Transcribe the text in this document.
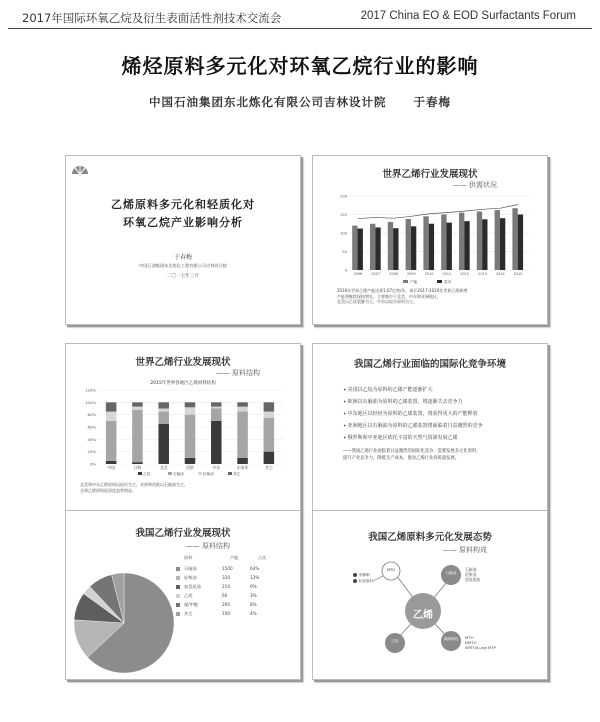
2017年国际环氧乙烷及衍生表面活性剂技术交流会	2017 China EO & EOD Surfactants Forum
烯烃原料多元化对环氧乙烷行业的影响
中国石油集团东北炼化有限公司吉林设计院 于春梅
乙烯原料多元化和轻质化对
环氧乙烷产业影响分析
于春梅
中国石油集团东北炼化工程有限公司吉林设计院
二〇一七年三月
世界乙烯行业发展现状
—— 供需状况
0
50
100
150
200
2006	2007	2008	2009	2010	2011	2012	2013	2014	2015
产能	需求
2016年世界乙烯产能达到1.67亿吨/年，预计2017-2020年世界乙烯新增
产能将继续保持增长，主要集中于北美、中东和亚洲地区，
北美以乙烷裂解为主，中东以轻烃原料为主。
世界乙烯行业发展现状
—— 原料结构
2015年世界各地区乙烯原料结构
0%
20%
40%
60%
80%
100%
120%
中国	日韩	北美	西欧	中东	东南亚	其它
乙烷	石脑油	轻柴油	其它
北美和中东乙烯原料以轻烃为主，亚洲和西欧以石脑油为主，
全球乙烯原料轻质化趋势明显。
我国乙烯行业面临的国际化竞争环境
✦ 美国以乙烷为原料的乙烯产能逐渐扩大
✦ 欧洲以石脑油为原料的乙烯装置，将逐渐失去竞争力
✦ 中东地区以轻烃为原料的乙烯装置，将获得更大的产能释放
✦ 亚洲地区以石脑油为原料的乙烯装置将面临着日益激烈的竞争
✦ 俄罗斯和中亚地区依托丰富的天然气资源发展乙烯
——我国乙烯行业面临着日益激烈的国际化竞争，需要发展多元化原料，
提升产业竞争力，降低生产成本，推动乙烯行业高质量发展。
我国乙烯行业发展现状
—— 原料结构
原料	产能	占比
石脑油	1500	63%
轻柴油	320	13%
加氢尾油	210	9%
乙烷	60	3%
煤/甲醇	200	8%
其它	100	4%
我国乙烯原料多元化发展态势
—— 原料构成
乙烯
石脑油
煤制烯烃
乙烷
MTO
甲醇制
轻烃原料
石脑油
轻柴油
加氢尾油
MTO
DMTO
SMTO/Lurgi MTP
